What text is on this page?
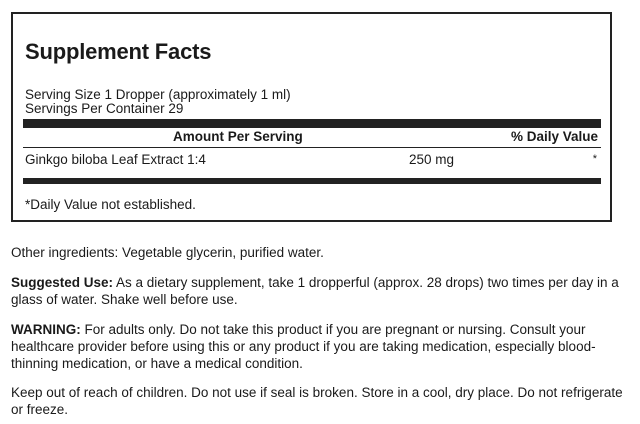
Supplement Facts
Serving Size 1 Dropper (approximately 1 ml)
Servings Per Container 29
Amount Per Serving	% Daily Value
Ginkgo biloba Leaf Extract 1:4	250 mg	*
*Daily Value not established.

Other ingredients: Vegetable glycerin, purified water.

Suggested Use: As a dietary supplement, take 1 dropperful (approx. 28 drops) two times per day in a glass of water. Shake well before use.

WARNING: For adults only. Do not take this product if you are pregnant or nursing. Consult your healthcare provider before using this or any product if you are taking medication, especially blood-thinning medication, or have a medical condition.

Keep out of reach of children. Do not use if seal is broken. Store in a cool, dry place. Do not refrigerate or freeze.
